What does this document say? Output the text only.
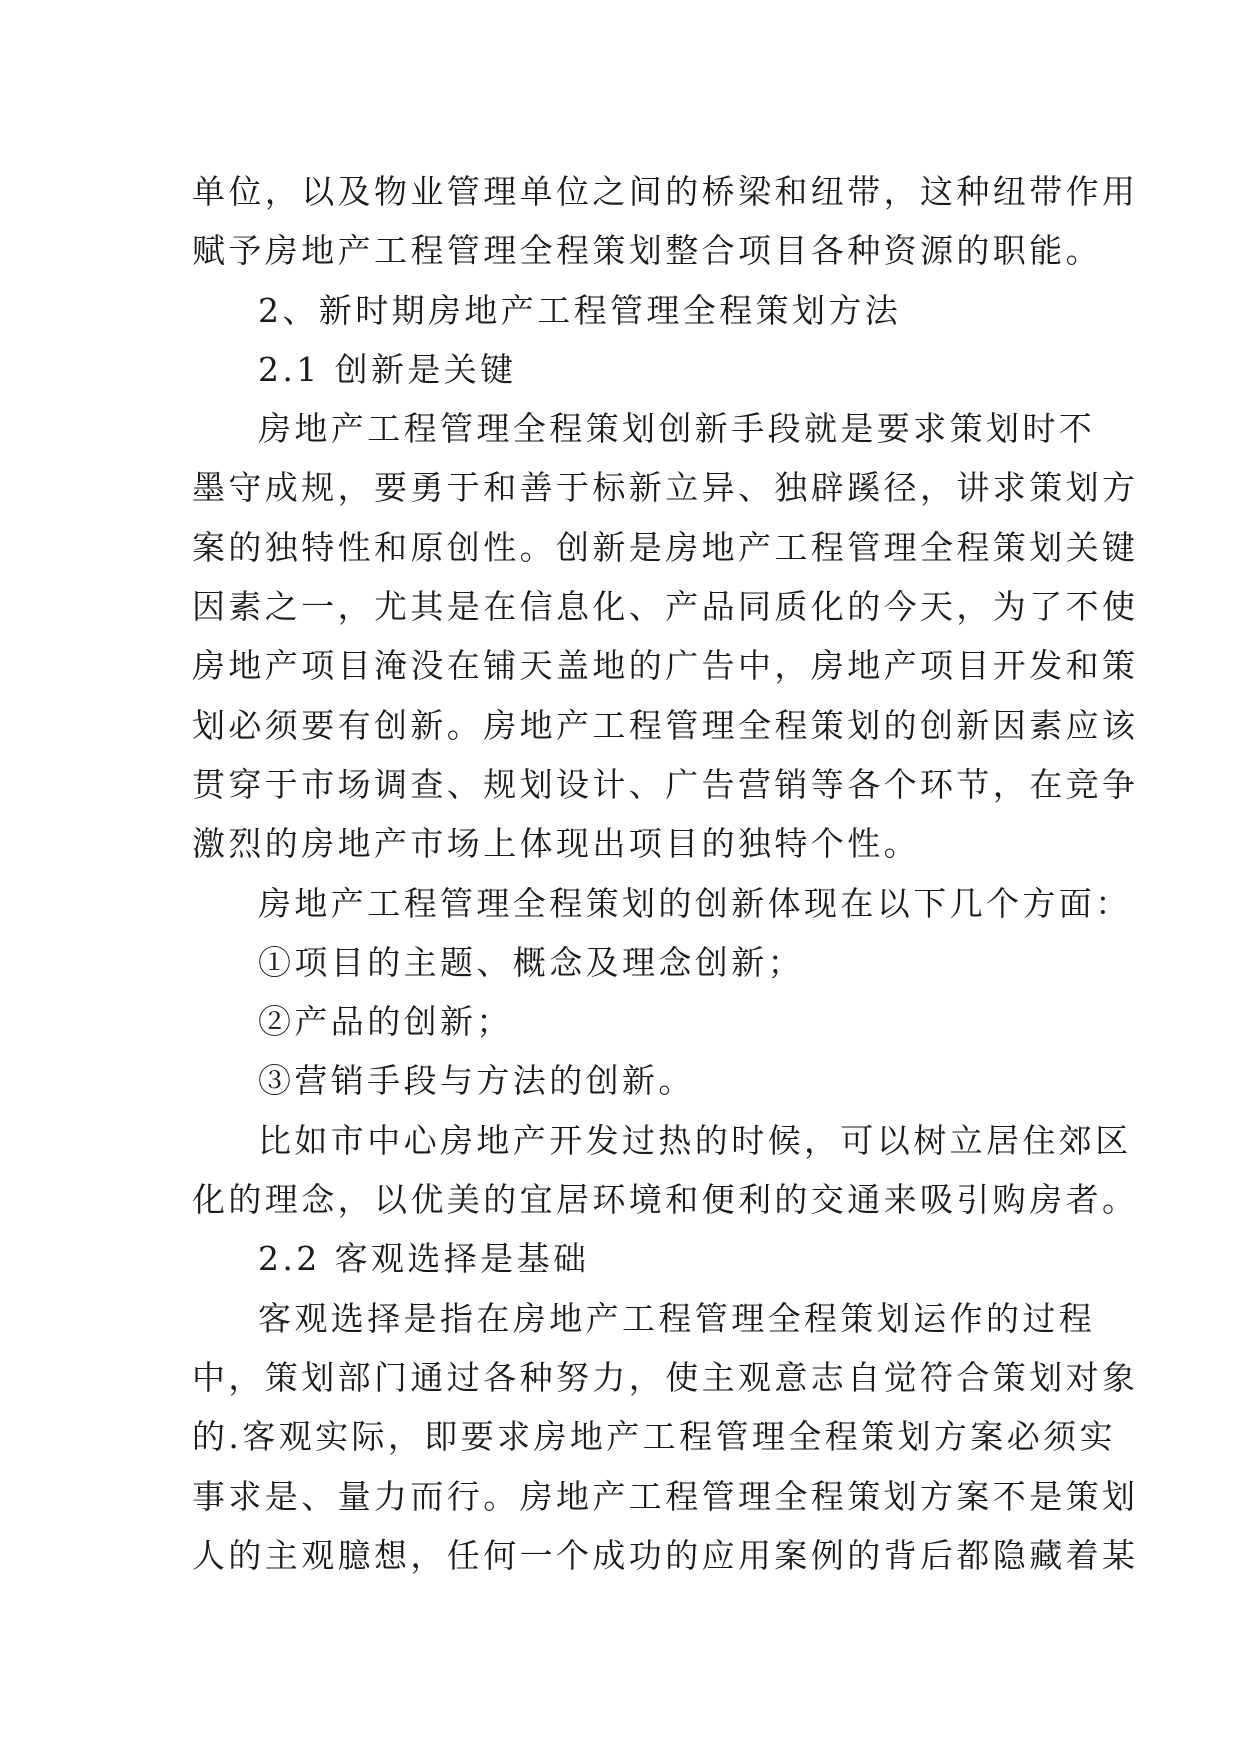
单位，以及物业管理单位之间的桥梁和纽带，这种纽带作用
赋予房地产工程管理全程策划整合项目各种资源的职能。
2、新时期房地产工程管理全程策划方法
2.1 创新是关键
房地产工程管理全程策划创新手段就是要求策划时不
墨守成规，要勇于和善于标新立异、独辟蹊径，讲求策划方
案的独特性和原创性。创新是房地产工程管理全程策划关键
因素之一，尤其是在信息化、产品同质化的今天，为了不使
房地产项目淹没在铺天盖地的广告中，房地产项目开发和策
划必须要有创新。房地产工程管理全程策划的创新因素应该
贯穿于市场调查、规划设计、广告营销等各个环节，在竞争
激烈的房地产市场上体现出项目的独特个性。
房地产工程管理全程策划的创新体现在以下几个方面：
①项目的主题、概念及理念创新；
②产品的创新；
③营销手段与方法的创新。
比如市中心房地产开发过热的时候，可以树立居住郊区
化的理念，以优美的宜居环境和便利的交通来吸引购房者。
2.2 客观选择是基础
客观选择是指在房地产工程管理全程策划运作的过程
中，策划部门通过各种努力，使主观意志自觉符合策划对象
的.客观实际，即要求房地产工程管理全程策划方案必须实
事求是、量力而行。房地产工程管理全程策划方案不是策划
人的主观臆想，任何一个成功的应用案例的背后都隐藏着某
